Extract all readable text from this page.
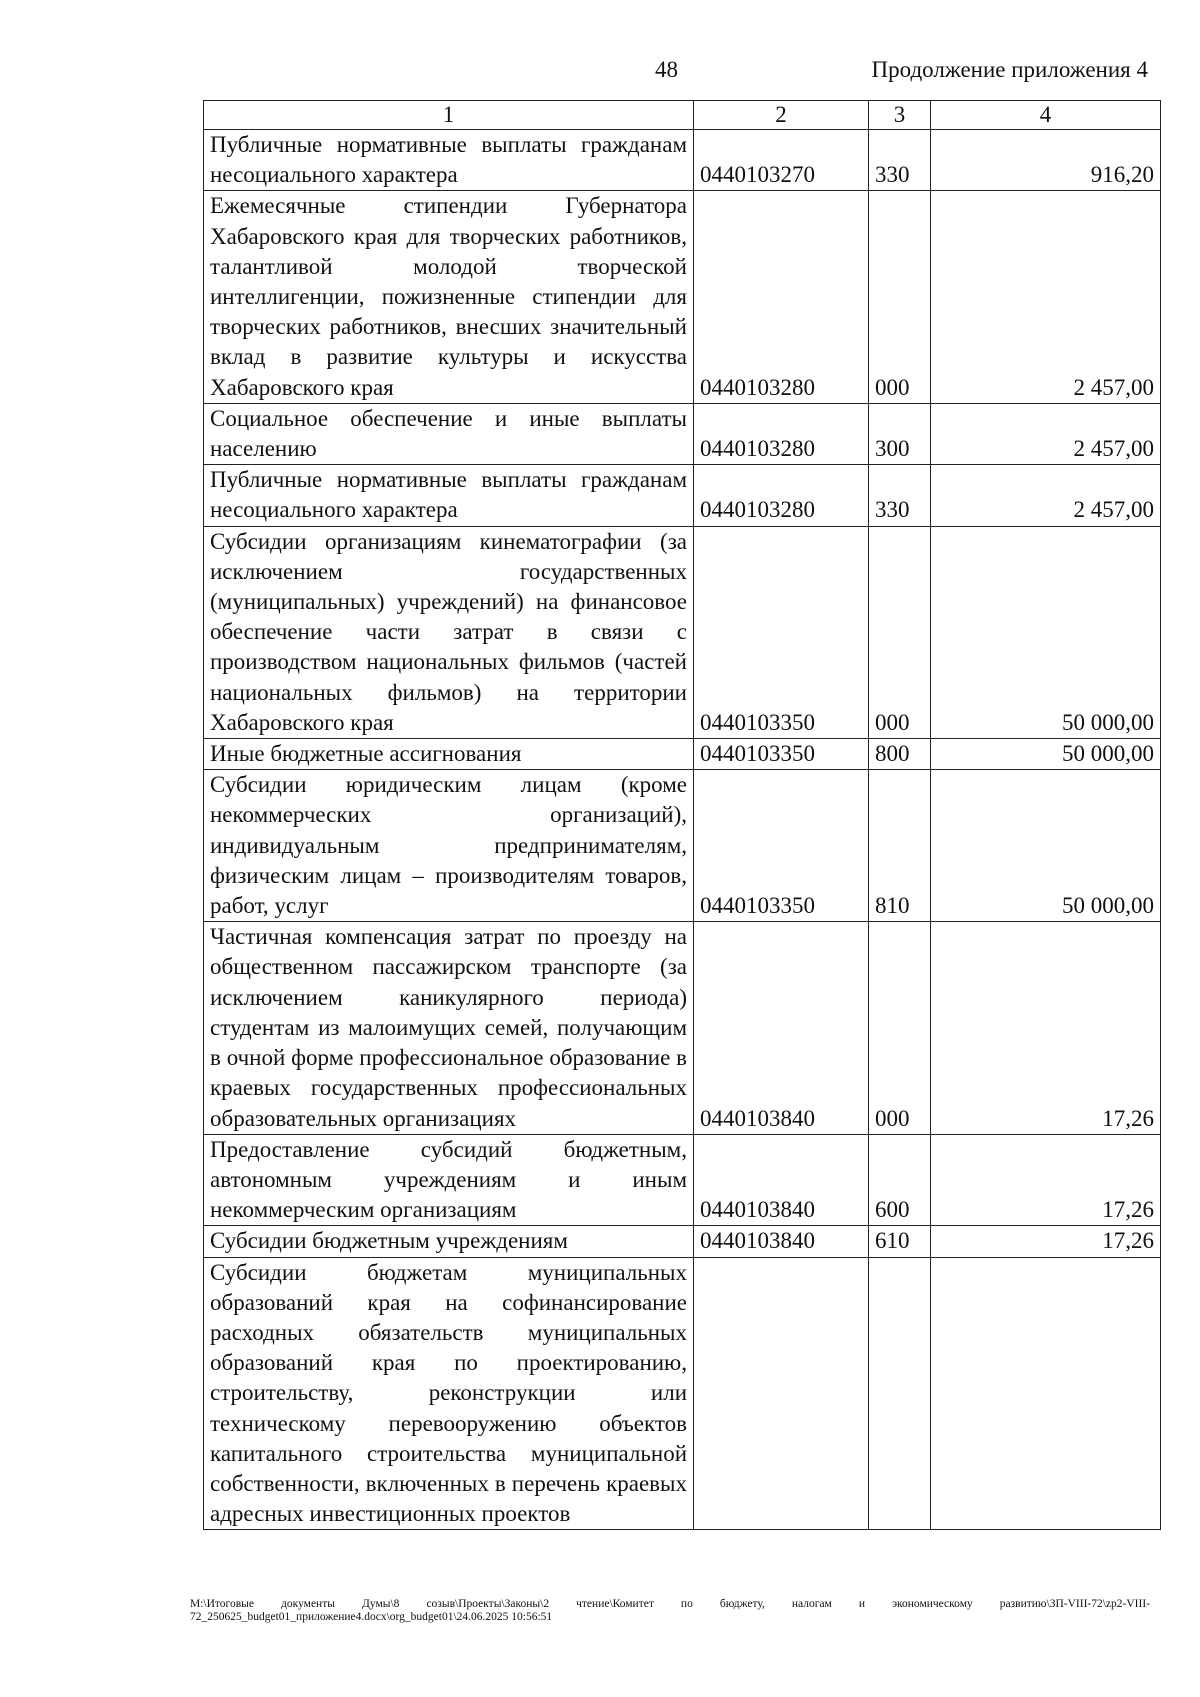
48	Продолжение приложения 4
1	2	3	4
Публичные нормативные выплаты гражданам несоциального характера	0440103270	330	916,20
Ежемесячные стипендии Губернатора Хабаровского края для творческих работников, талантливой молодой творческой интеллигенции, пожизненные стипендии для творческих работников, внесших значительный вклад в развитие культуры и искусства Хабаровского края	0440103280	000	2 457,00
Социальное обеспечение и иные выплаты населению	0440103280	300	2 457,00
Публичные нормативные выплаты гражданам несоциального характера	0440103280	330	2 457,00
Субсидии организациям кинематографии (за исключением государственных (муниципальных) учреждений) на финансовое обеспечение части затрат в связи с производством национальных фильмов (частей национальных фильмов) на территории Хабаровского края	0440103350	000	50 000,00
Иные бюджетные ассигнования	0440103350	800	50 000,00
Субсидии юридическим лицам (кроме некоммерческих организаций), индивидуальным предпринимателям, физическим лицам – производителям товаров, работ, услуг	0440103350	810	50 000,00
Частичная компенсация затрат по проезду на общественном пассажирском транспорте (за исключением каникулярного периода) студентам из малоимущих семей, получающим в очной форме профессиональное образование в краевых государственных профессиональных образовательных организациях	0440103840	000	17,26
Предоставление субсидий бюджетным, автономным учреждениям и иным некоммерческим организациям	0440103840	600	17,26
Субсидии бюджетным учреждениям	0440103840	610	17,26
Субсидии бюджетам муниципальных образований края на софинансирование расходных обязательств муниципальных образований края по проектированию, строительству, реконструкции или техническому перевооружению объектов капитального строительства муниципальной собственности, включенных в перечень краевых адресных инвестиционных проектов			
M:\Итоговые документы Думы\8 созыв\Проекты\Законы\2 чтение\Комитет по бюджету, налогам и экономическому развитию\ЗП-VIII-72\zp2-VIII-72_250625_budget01_приложение4.docx\org_budget01\24.06.2025 10:56:51
